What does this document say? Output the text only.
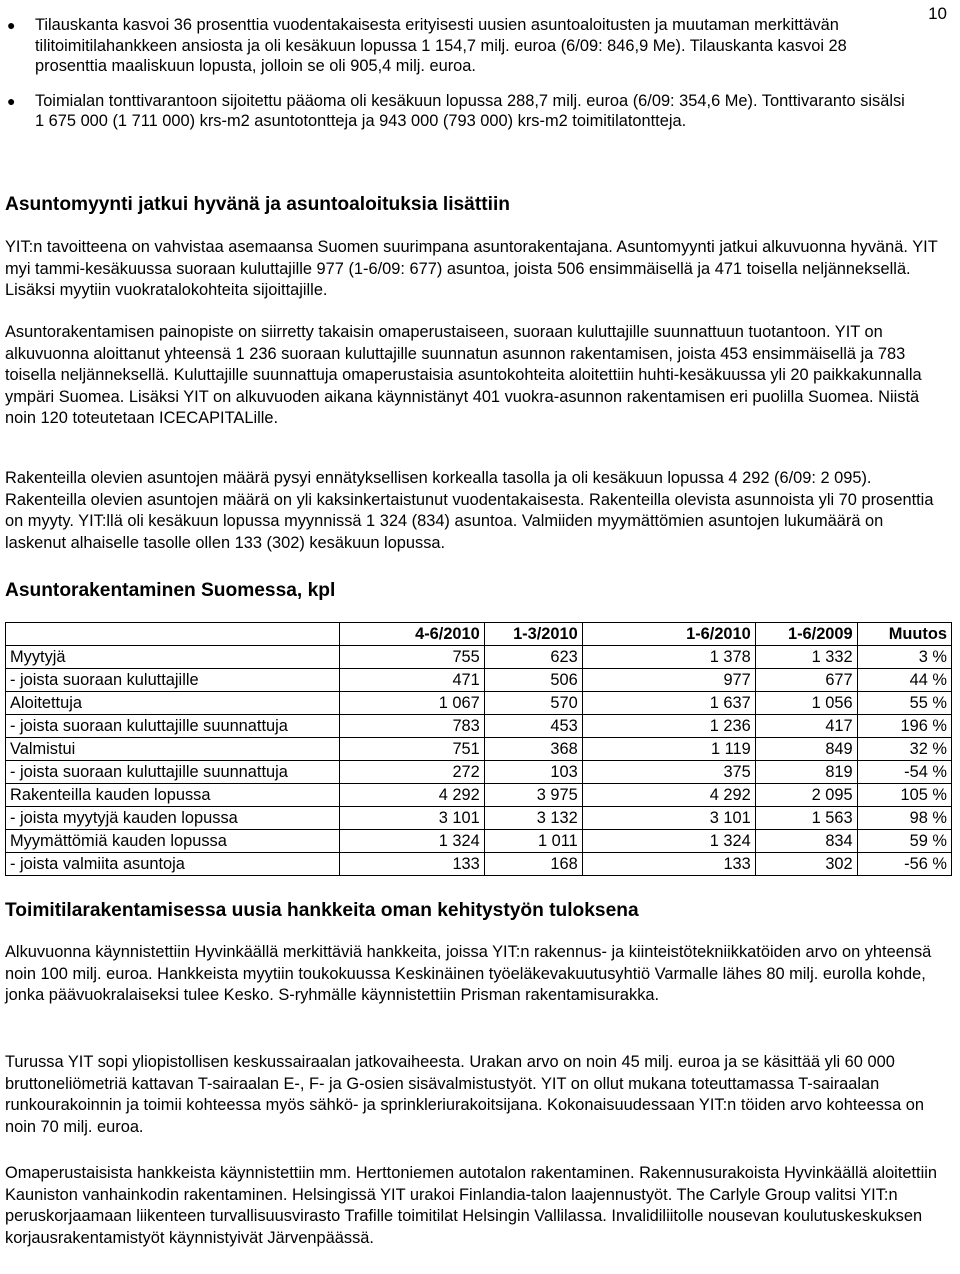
10
● Tilauskanta kasvoi 36 prosenttia vuodentakaisesta erityisesti uusien asuntoaloitusten ja muutaman merkittävän tilitoimitilahankkeen ansiosta ja oli kesäkuun lopussa 1 154,7 milj. euroa (6/09: 846,9 Me). Tilauskanta kasvoi 28 prosenttia maaliskuun lopusta, jolloin se oli 905,4 milj. euroa.
● Toimialan tonttivarantoon sijoitettu pääoma oli kesäkuun lopussa 288,7 milj. euroa (6/09: 354,6 Me). Tonttivaranto sisälsi 1 675 000 (1 711 000) krs-m2 asuntotontteja ja 943 000 (793 000) krs-m2 toimitilatontteja.
Asuntomyynti jatkui hyvänä ja asuntoaloituksia lisättiin

YIT:n tavoitteena on vahvistaa asemaansa Suomen suurimpana asuntorakentajana. Asuntomyynti jatkui alkuvuonna hyvänä. YIT myi tammi-kesäkuussa suoraan kuluttajille 977 (1-6/09: 677) asuntoa, joista 506 ensimmäisellä ja 471 toisella neljänneksellä. Lisäksi myytiin vuokratalokohteita sijoittajille.

Asuntorakentamisen painopiste on siirretty takaisin omaperustaiseen, suoraan kuluttajille suunnattuun tuotantoon. YIT on alkuvuonna aloittanut yhteensä 1 236 suoraan kuluttajille suunnatun asunnon rakentamisen, joista 453 ensimmäisellä ja 783 toisella neljänneksellä. Kuluttajille suunnattuja omaperustaisia asuntokohteita aloitettiin huhti-kesäkuussa yli 20 paikkakunnalla ympäri Suomea. Lisäksi YIT on alkuvuoden aikana käynnistänyt 401 vuokra-asunnon rakentamisen eri puolilla Suomea. Niistä noin 120 toteutetaan ICECAPITALille.

Rakenteilla olevien asuntojen määrä pysyi ennätyksellisen korkealla tasolla ja oli kesäkuun lopussa 4 292 (6/09: 2 095). Rakenteilla olevien asuntojen määrä on yli kaksinkertaistunut vuodentakaisesta. Rakenteilla olevista asunnoista yli 70 prosenttia on myyty. YIT:llä oli kesäkuun lopussa myynnissä 1 324 (834) asuntoa. Valmiiden myymättömien asuntojen lukumäärä on laskenut alhaiselle tasolle ollen 133 (302) kesäkuun lopussa.

Asuntorakentaminen Suomessa, kpl
	4-6/2010	1-3/2010	1-6/2010	1-6/2009	Muutos
Myytyjä	755	623	1 378	1 332	3 %
- joista suoraan kuluttajille	471	506	977	677	44 %
Aloitettuja	1 067	570	1 637	1 056	55 %
- joista suoraan kuluttajille suunnattuja	783	453	1 236	417	196 %
Valmistui	751	368	1 119	849	32 %
- joista suoraan kuluttajille suunnattuja	272	103	375	819	-54 %
Rakenteilla kauden lopussa	4 292	3 975	4 292	2 095	105 %
- joista myytyjä kauden lopussa	3 101	3 132	3 101	1 563	98 %
Myymättömiä kauden lopussa	1 324	1 011	1 324	834	59 %
- joista valmiita asuntoja	133	168	133	302	-56 %
Toimitilarakentamisessa uusia hankkeita oman kehitystyön tuloksena

Alkuvuonna käynnistettiin Hyvinkäällä merkittäviä hankkeita, joissa YIT:n rakennus- ja kiinteistötekniikkatöiden arvo on yhteensä noin 100 milj. euroa. Hankkeista myytiin toukokuussa Keskinäinen työeläkevakuutusyhtiö Varmalle lähes 80 milj. eurolla kohde, jonka päävuokralaiseksi tulee Kesko. S-ryhmälle käynnistettiin Prisman rakentamisurakka.

Turussa YIT sopi yliopistollisen keskussairaalan jatkovaiheesta. Urakan arvo on noin 45 milj. euroa ja se käsittää yli 60 000 bruttoneliömetriä kattavan T-sairaalan E-, F- ja G-osien sisävalmistustyöt. YIT on ollut mukana toteuttamassa T-sairaalan runkourakoinnin ja toimii kohteessa myös sähkö- ja sprinkleriurakoitsijana. Kokonaisuudessaan YIT:n töiden arvo kohteessa on noin 70 milj. euroa.

Omaperustaisista hankkeista käynnistettiin mm. Herttoniemen autotalon rakentaminen. Rakennusurakoista Hyvinkäällä aloitettiin Kauniston vanhainkodin rakentaminen. Helsingissä YIT urakoi Finlandia-talon laajennustyöt. The Carlyle Group valitsi YIT:n peruskorjaamaan liikenteen turvallisuusvirasto Trafille toimitilat Helsingin Vallilassa. Invalidiliitolle nousevan koulutuskeskuksen korjausrakentamistyöt käynnistyivät Järvenpäässä.
